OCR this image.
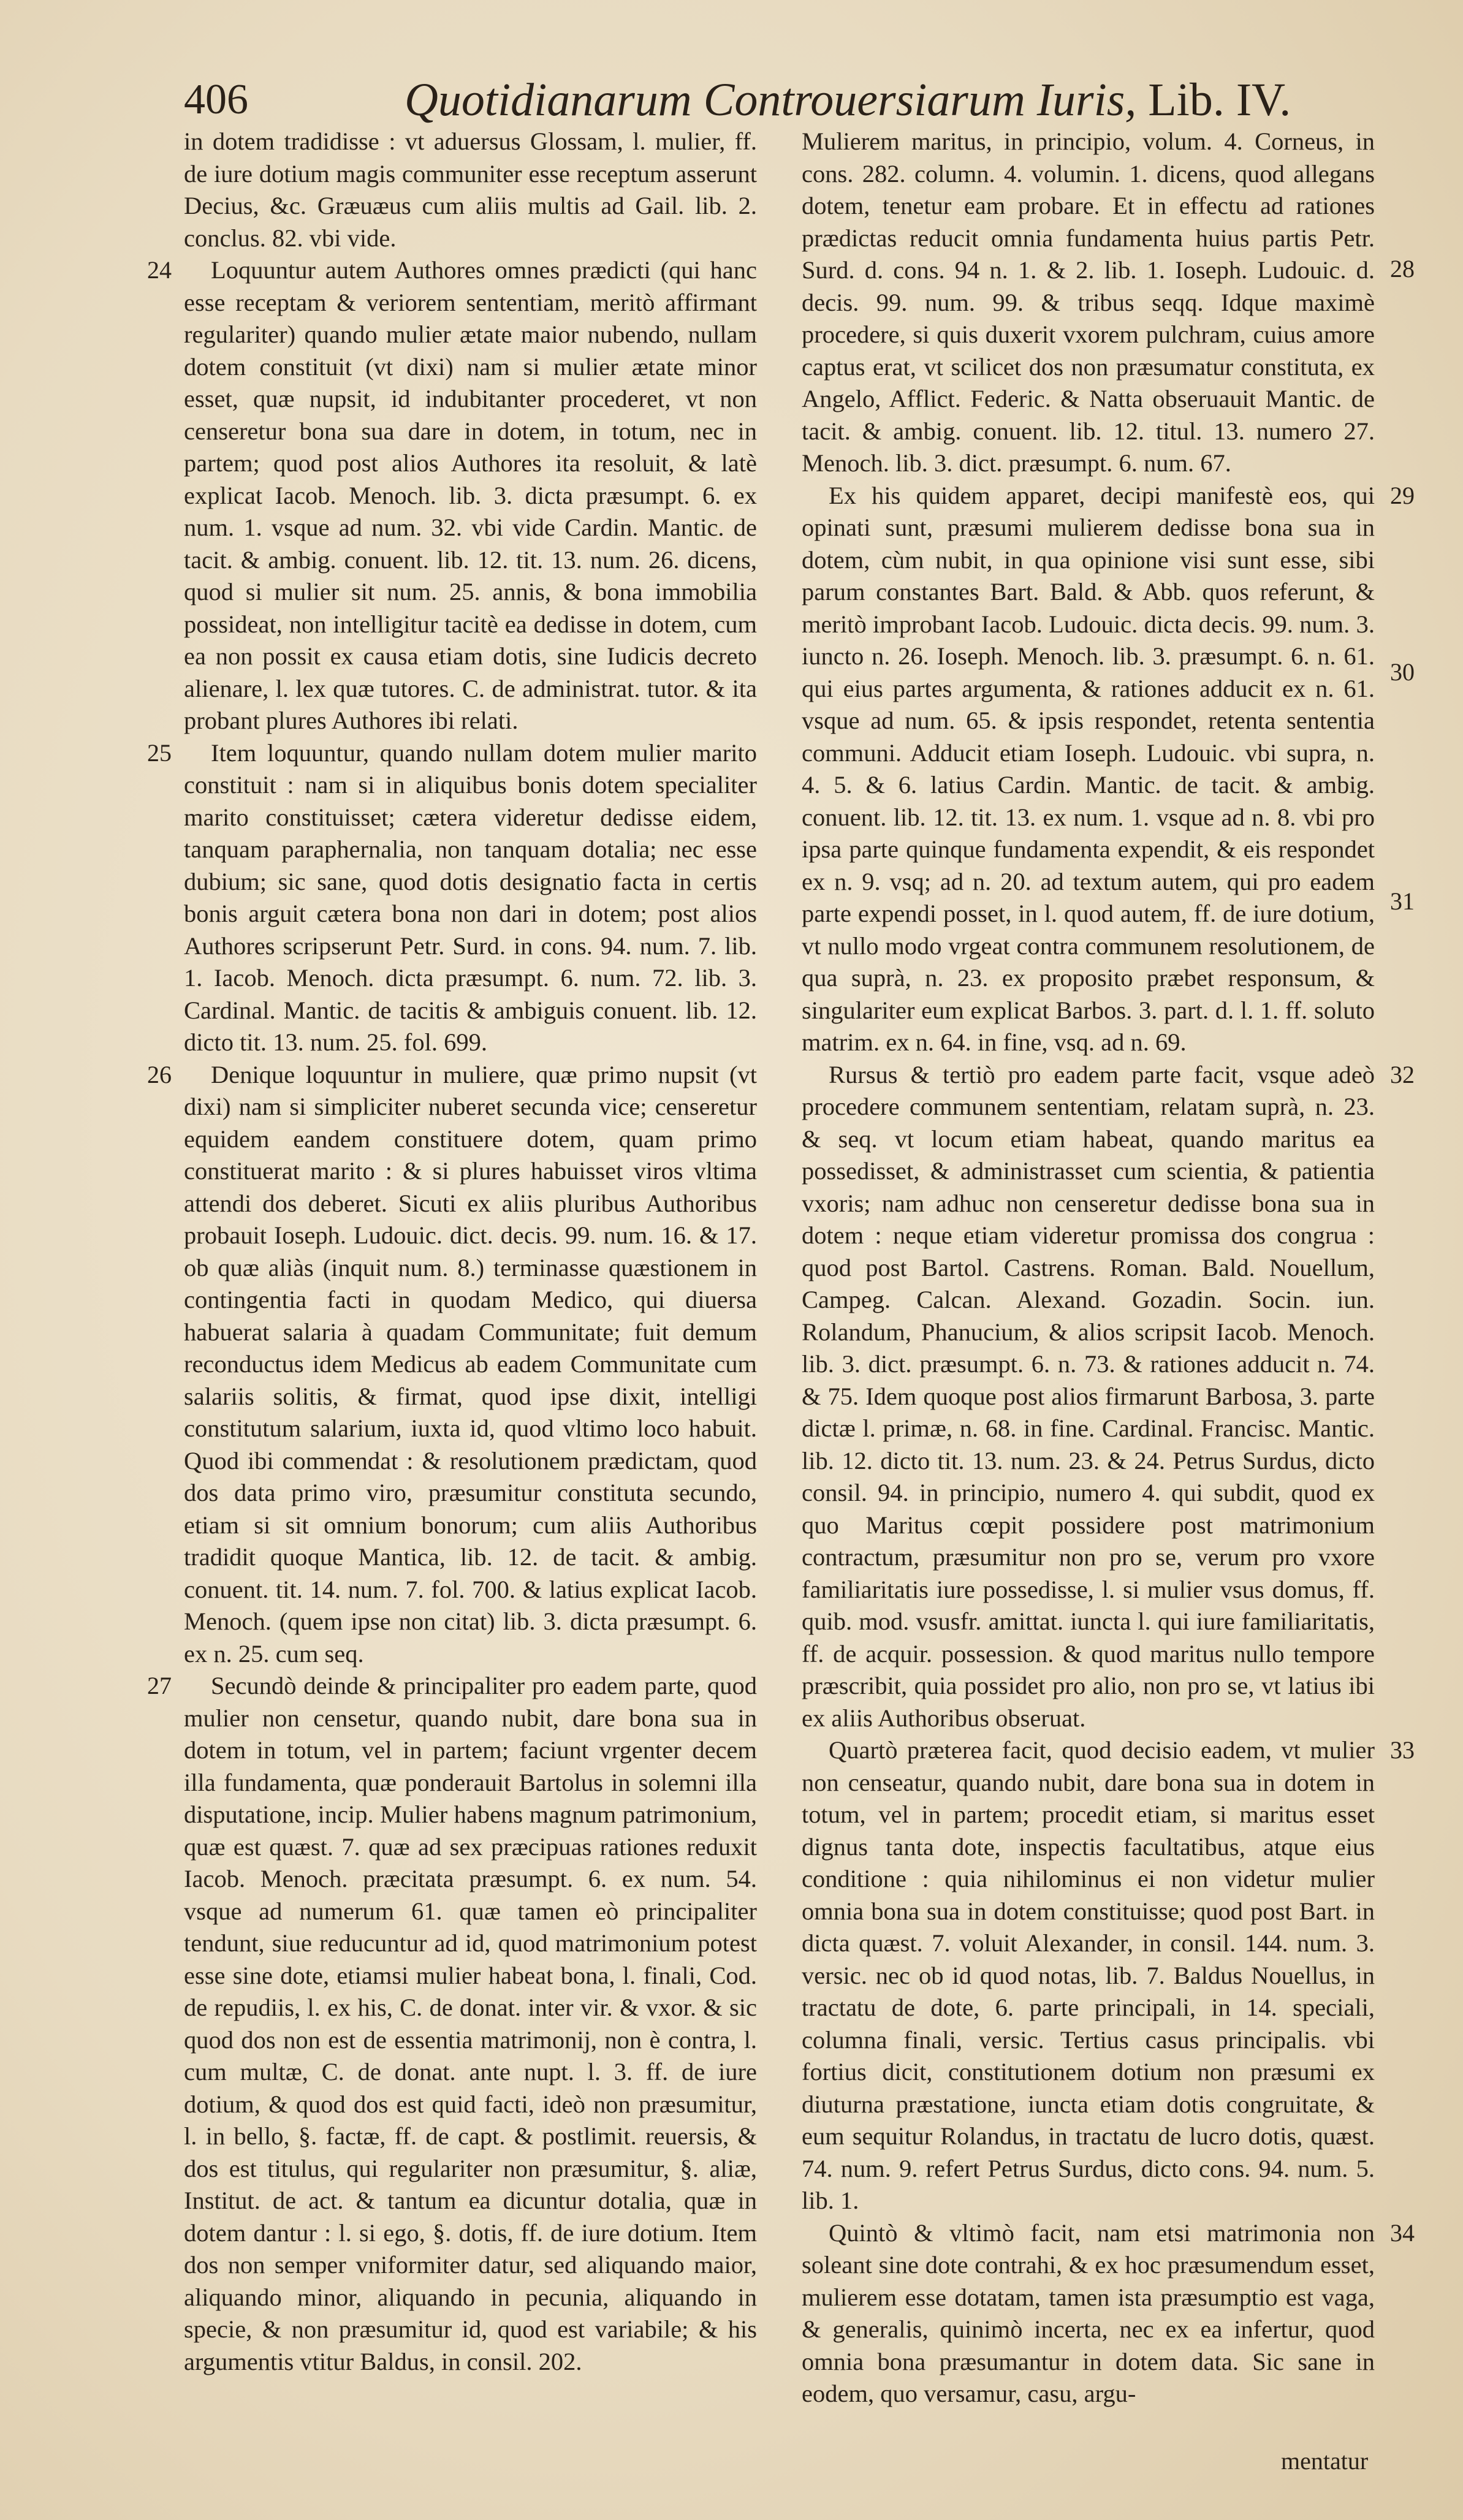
406	Quotidianarum Controuersiarum Iuris, Lib. IV.

in dotem tradidisse : vt aduersus Glossam, l. mulier, ff. de iure dotium magis communiter esse receptum asserunt Decius, &c. Græuæus cum aliis multis ad Gail. lib. 2. conclus. 82. vbi vide.

24 Loquuntur autem Authores omnes prædicti (qui hanc esse receptam & veriorem sententiam, meritò affirmant regulariter) quando mulier ætate maior nubendo, nullam dotem constituit (vt dixi) nam si mulier ætate minor esset, quæ nupsit, id indubitanter procederet, vt non censeretur bona sua dare in dotem, in totum, nec in partem; quod post alios Authores ita resoluit, & latè explicat Iacob. Menoch. lib. 3. dicta præsumpt. 6. ex num. 1. vsque ad num. 32. vbi vide Cardin. Mantic. de tacit. & ambig. conuent. lib. 12. tit. 13. num. 26. dicens, quod si mulier sit num. 25. annis, & bona immobilia possideat, non intelligitur tacitè ea dedisse in dotem, cum ea non possit ex causa etiam dotis, sine Iudicis decreto alienare, l. lex quæ tutores. C. de administrat. tutor. & ita probant plures Authores ibi relati.

25 Item loquuntur, quando nullam dotem mulier marito constituit : nam si in aliquibus bonis dotem specialiter marito constituisset; cætera videretur dedisse eidem, tanquam paraphernalia, non tanquam dotalia; nec esse dubium; sic sane, quod dotis designatio facta in certis bonis arguit cætera bona non dari in dotem; post alios Authores scripserunt Petr. Surd. in cons. 94. num. 7. lib. 1. Iacob. Menoch. dicta præsumpt. 6. num. 72. lib. 3. Cardinal. Mantic. de tacitis & ambiguis conuent. lib. 12. dicto tit. 13. num. 25. fol. 699.

26 Denique loquuntur in muliere, quæ primo nupsit (vt dixi) nam si simpliciter nuberet secunda vice; censeretur equidem eandem constituere dotem, quam primo constituerat marito : & si plures habuisset viros vltima attendi dos deberet. Sicuti ex aliis pluribus Authoribus probauit Ioseph. Ludouic. dict. decis. 99. num. 16. & 17. ob quæ aliàs (inquit num. 8.) terminasse quæstionem in contingentia facti in quodam Medico, qui diuersa habuerat salaria à quadam Communitate; fuit demum reconductus idem Medicus ab eadem Communitate cum salariis solitis, & firmat, quod ipse dixit, intelligi constitutum salarium, iuxta id, quod vltimo loco habuit. Quod ibi commendat : & resolutionem prædictam, quod dos data primo viro, præsumitur constituta secundo, etiam si sit omnium bonorum; cum aliis Authoribus tradidit quoque Mantica, lib. 12. de tacit. & ambig. conuent. tit. 14. num. 7. fol. 700. & latius explicat Iacob. Menoch. (quem ipse non citat) lib. 3. dicta præsumpt. 6. ex n. 25. cum seq.

27 Secundò deinde & principaliter pro eadem parte, quod mulier non censetur, quando nubit, dare bona sua in dotem in totum, vel in partem; faciunt vrgenter decem illa fundamenta, quæ ponderauit Bartolus in solemni illa disputatione, incip. Mulier habens magnum patrimonium, quæ est quæst. 7. quæ ad sex præcipuas rationes reduxit Iacob. Menoch. præcitata præsumpt. 6. ex num. 54. vsque ad numerum 61. quæ tamen eò principaliter tendunt, siue reducuntur ad id, quod matrimonium potest esse sine dote, etiamsi mulier habeat bona, l. finali, Cod. de repudiis, l. ex his, C. de donat. inter vir. & vxor. & sic quod dos non est de essentia matrimonij, non è contra, l. cum multæ, C. de donat. ante nupt. l. 3. ff. de iure dotium, & quod dos est quid facti, ideò non præsumitur, l. in bello, §. factæ, ff. de capt. & postlimit. reuersis, & dos est titulus, qui regulariter non præsumitur, §. aliæ, Institut. de act. & tantum ea dicuntur dotalia, quæ in dotem dantur : l. si ego, §. dotis, ff. de iure dotium. Item dos non semper vniformiter datur, sed aliquando maior, aliquando minor, aliquando in pecunia, aliquando in specie, & non præsumitur id, quod est variabile; & his argumentis vtitur Baldus, in consil. 202.

28
Mulierem maritus, in principio, volum. 4. Corneus, in cons. 282. column. 4. volumin. 1. dicens, quod allegans dotem, tenetur eam probare. Et in effectu ad rationes prædictas reducit omnia fundamenta huius partis Petr. Surd. d. cons. 94 n. 1. & 2. lib. 1. Ioseph. Ludouic. d. decis. 99. num. 99. & tribus seqq. Idque maximè procedere, si quis duxerit vxorem pulchram, cuius amore captus erat, vt scilicet dos non præsumatur constituta, ex Angelo, Afflict. Federic. & Natta obseruauit Mantic. de tacit. & ambig. conuent. lib. 12. titul. 13. numero 27. Menoch. lib. 3. dict. præsumpt. 6. num. 67.

29
30
31
Ex his quidem apparet, decipi manifestè eos, qui opinati sunt, præsumi mulierem dedisse bona sua in dotem, cùm nubit, in qua opinione visi sunt esse, sibi parum constantes Bart. Bald. & Abb. quos referunt, & meritò improbant Iacob. Ludouic. dicta decis. 99. num. 3. iuncto n. 26. Ioseph. Menoch. lib. 3. præsumpt. 6. n. 61. qui eius partes argumenta, & rationes adducit ex n. 61. vsque ad num. 65. & ipsis respondet, retenta sententia communi. Adducit etiam Ioseph. Ludouic. vbi supra, n. 4. 5. & 6. latius Cardin. Mantic. de tacit. & ambig. conuent. lib. 12. tit. 13. ex num. 1. vsque ad n. 8. vbi pro ipsa parte quinque fundamenta expendit, & eis respondet ex n. 9. vsq; ad n. 20. ad textum autem, qui pro eadem parte expendi posset, in l. quod autem, ff. de iure dotium, vt nullo modo vrgeat contra communem resolutionem, de qua suprà, n. 23. ex proposito præbet responsum, & singulariter eum explicat Barbos. 3. part. d. l. 1. ff. soluto matrim. ex n. 64. in fine, vsq. ad n. 69.

32
Rursus & tertiò pro eadem parte facit, vsque adeò procedere communem sententiam, relatam suprà, n. 23. & seq. vt locum etiam habeat, quando maritus ea possedisset, & administrasset cum scientia, & patientia vxoris; nam adhuc non censeretur dedisse bona sua in dotem : neque etiam videretur promissa dos congrua : quod post Bartol. Castrens. Roman. Bald. Nouellum, Campeg. Calcan. Alexand. Gozadin. Socin. iun. Rolandum, Phanucium, & alios scripsit Iacob. Menoch. lib. 3. dict. præsumpt. 6. n. 73. & rationes adducit n. 74. & 75. Idem quoque post alios firmarunt Barbosa, 3. parte dictæ l. primæ, n. 68. in fine. Cardinal. Francisc. Mantic. lib. 12. dicto tit. 13. num. 23. & 24. Petrus Surdus, dicto consil. 94. in principio, numero 4. qui subdit, quod ex quo Maritus cœpit possidere post matrimonium contractum, præsumitur non pro se, verum pro vxore familiaritatis iure possedisse, l. si mulier vsus domus, ff. quib. mod. vsusfr. amittat. iuncta l. qui iure familiaritatis, ff. de acquir. possession. & quod maritus nullo tempore præscribit, quia possidet pro alio, non pro se, vt latius ibi ex aliis Authoribus obseruat.

33
Quartò præterea facit, quod decisio eadem, vt mulier non censeatur, quando nubit, dare bona sua in dotem in totum, vel in partem; procedit etiam, si maritus esset dignus tanta dote, inspectis facultatibus, atque eius conditione : quia nihilominus ei non videtur mulier omnia bona sua in dotem constituisse; quod post Bart. in dicta quæst. 7. voluit Alexander, in consil. 144. num. 3. versic. nec ob id quod notas, lib. 7. Baldus Nouellus, in tractatu de dote, 6. parte principali, in 14. speciali, columna finali, versic. Tertius casus principalis. vbi fortius dicit, constitutionem dotium non præsumi ex diuturna præstatione, iuncta etiam dotis congruitate, & eum sequitur Rolandus, in tractatu de lucro dotis, quæst. 74. num. 9. refert Petrus Surdus, dicto cons. 94. num. 5. lib. 1.

34
Quintò & vltimò facit, nam etsi matrimonia non soleant sine dote contrahi, & ex hoc præsumendum esset, mulierem esse dotatam, tamen ista præsumptio est vaga, & generalis, quinimò incerta, nec ex ea infertur, quod omnia bona præsumantur in dotem data. Sic sane in eodem, quo versamur, casu, argu-

mentatur
